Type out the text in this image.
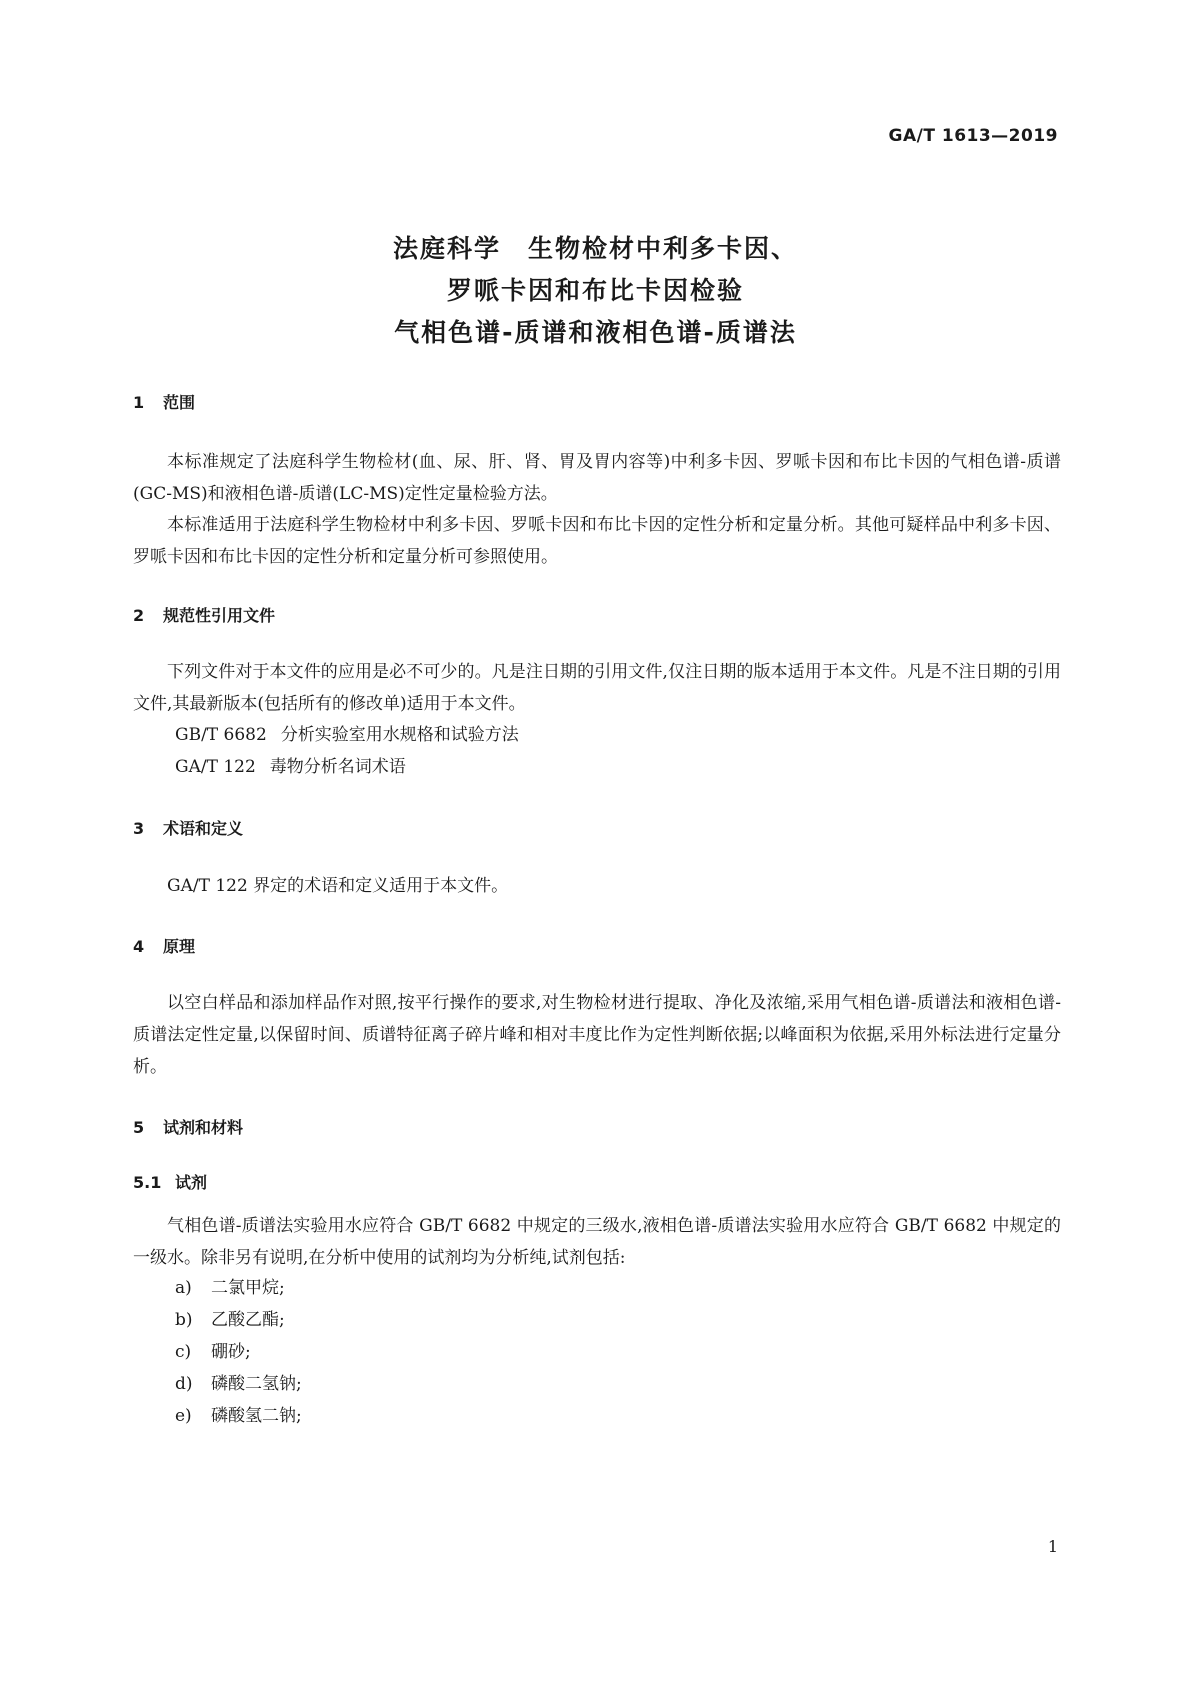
GA/T 1613—2019
法庭科学　生物检材中利多卡因、
罗哌卡因和布比卡因检验
气相色谱-质谱和液相色谱-质谱法
1 范围
本标准规定了法庭科学生物检材(血、尿、肝、肾、胃及胃内容等)中利多卡因、罗哌卡因和布比卡因的气相色谱-质谱(GC-MS)和液相色谱-质谱(LC-MS)定性定量检验方法。
本标准适用于法庭科学生物检材中利多卡因、罗哌卡因和布比卡因的定性分析和定量分析。其他可疑样品中利多卡因、罗哌卡因和布比卡因的定性分析和定量分析可参照使用。
2 规范性引用文件
下列文件对于本文件的应用是必不可少的。凡是注日期的引用文件,仅注日期的版本适用于本文件。凡是不注日期的引用文件,其最新版本(包括所有的修改单)适用于本文件。
GB/T 6682 分析实验室用水规格和试验方法
GA/T 122 毒物分析名词术语
3 术语和定义
GA/T 122 界定的术语和定义适用于本文件。
4 原理
以空白样品和添加样品作对照,按平行操作的要求,对生物检材进行提取、净化及浓缩,采用气相色谱-质谱法和液相色谱-质谱法定性定量,以保留时间、质谱特征离子碎片峰和相对丰度比作为定性判断依据;以峰面积为依据,采用外标法进行定量分析。
5 试剂和材料
5.1 试剂
气相色谱-质谱法实验用水应符合 GB/T 6682 中规定的三级水,液相色谱-质谱法实验用水应符合 GB/T 6682 中规定的一级水。除非另有说明,在分析中使用的试剂均为分析纯,试剂包括:
a) 二氯甲烷;
b) 乙酸乙酯;
c) 硼砂;
d) 磷酸二氢钠;
e) 磷酸氢二钠;
1
